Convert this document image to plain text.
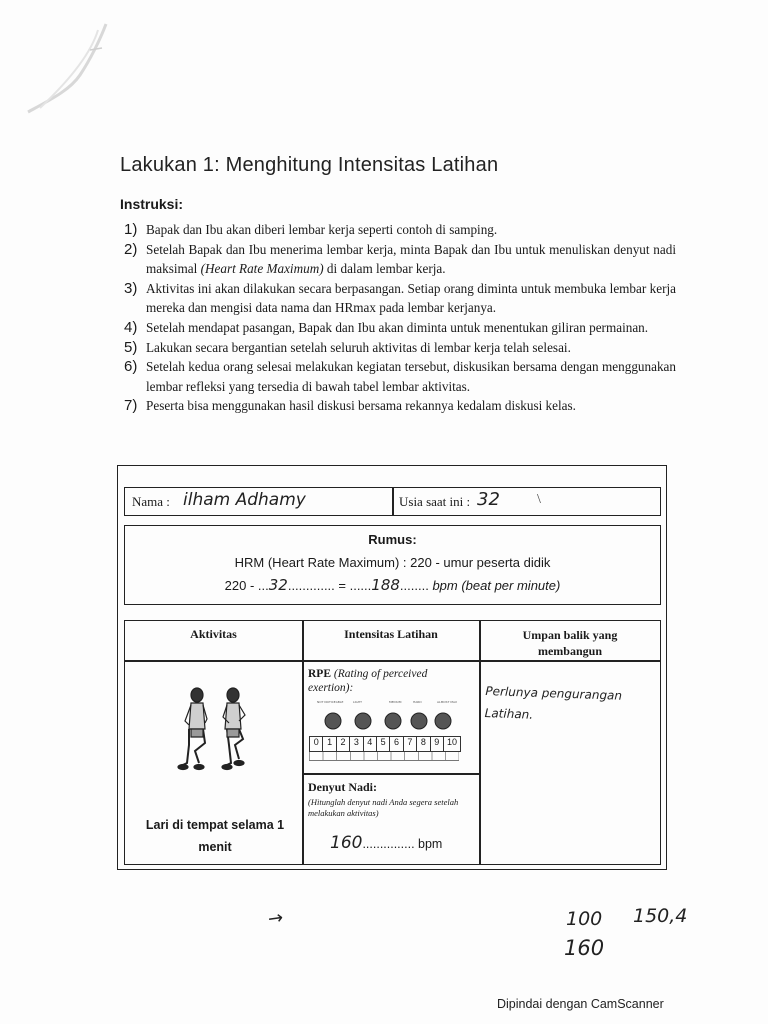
Lakukan 1: Menghitung Intensitas Latihan
Instruksi:
1) Bapak dan Ibu akan diberi lembar kerja seperti contoh di samping.
2) Setelah Bapak dan Ibu menerima lembar kerja, minta Bapak dan Ibu untuk menuliskan denyut nadi maksimal (Heart Rate Maximum) di dalam lembar kerja.
3) Aktivitas ini akan dilakukan secara berpasangan. Setiap orang diminta untuk membuka lembar kerja mereka dan mengisi data nama dan HRmax pada lembar kerjanya.
4) Setelah mendapat pasangan, Bapak dan Ibu akan diminta untuk menentukan giliran permainan.
5) Lakukan secara bergantian setelah seluruh aktivitas di lembar kerja telah selesai.
6) Setelah kedua orang selesai melakukan kegiatan tersebut, diskusikan bersama dengan menggunakan lembar refleksi yang tersedia di bawah tabel lembar aktivitas.
7) Peserta bisa menggunakan hasil diskusi bersama rekannya kedalam diskusi kelas.
Nama : ilham Adhamy	Usia saat ini : 32	\
Rumus:
HRM (Heart Rate Maximum) : 220 - umur peserta didik
220 - ...32............. = ......188........ bpm (beat per minute)
Aktivitas	Intensitas Latihan	Umpan balik yang membangun
Lari di tempat selama 1 menit
RPE (Rating of perceived exertion):
NOT NOTICEABLE	LIGHT	MEDIUM	HARD	ALMOST MAX
0 1 2 3 4 5 6 7 8 9 10
Denyut Nadi:
(Hitunglah denyut nadi Anda segera setelah melakukan aktivitas)
160............... bpm
Perlunya pengurangan
Latihan.
→	100 150,4
160
Dipindai dengan CamScanner
